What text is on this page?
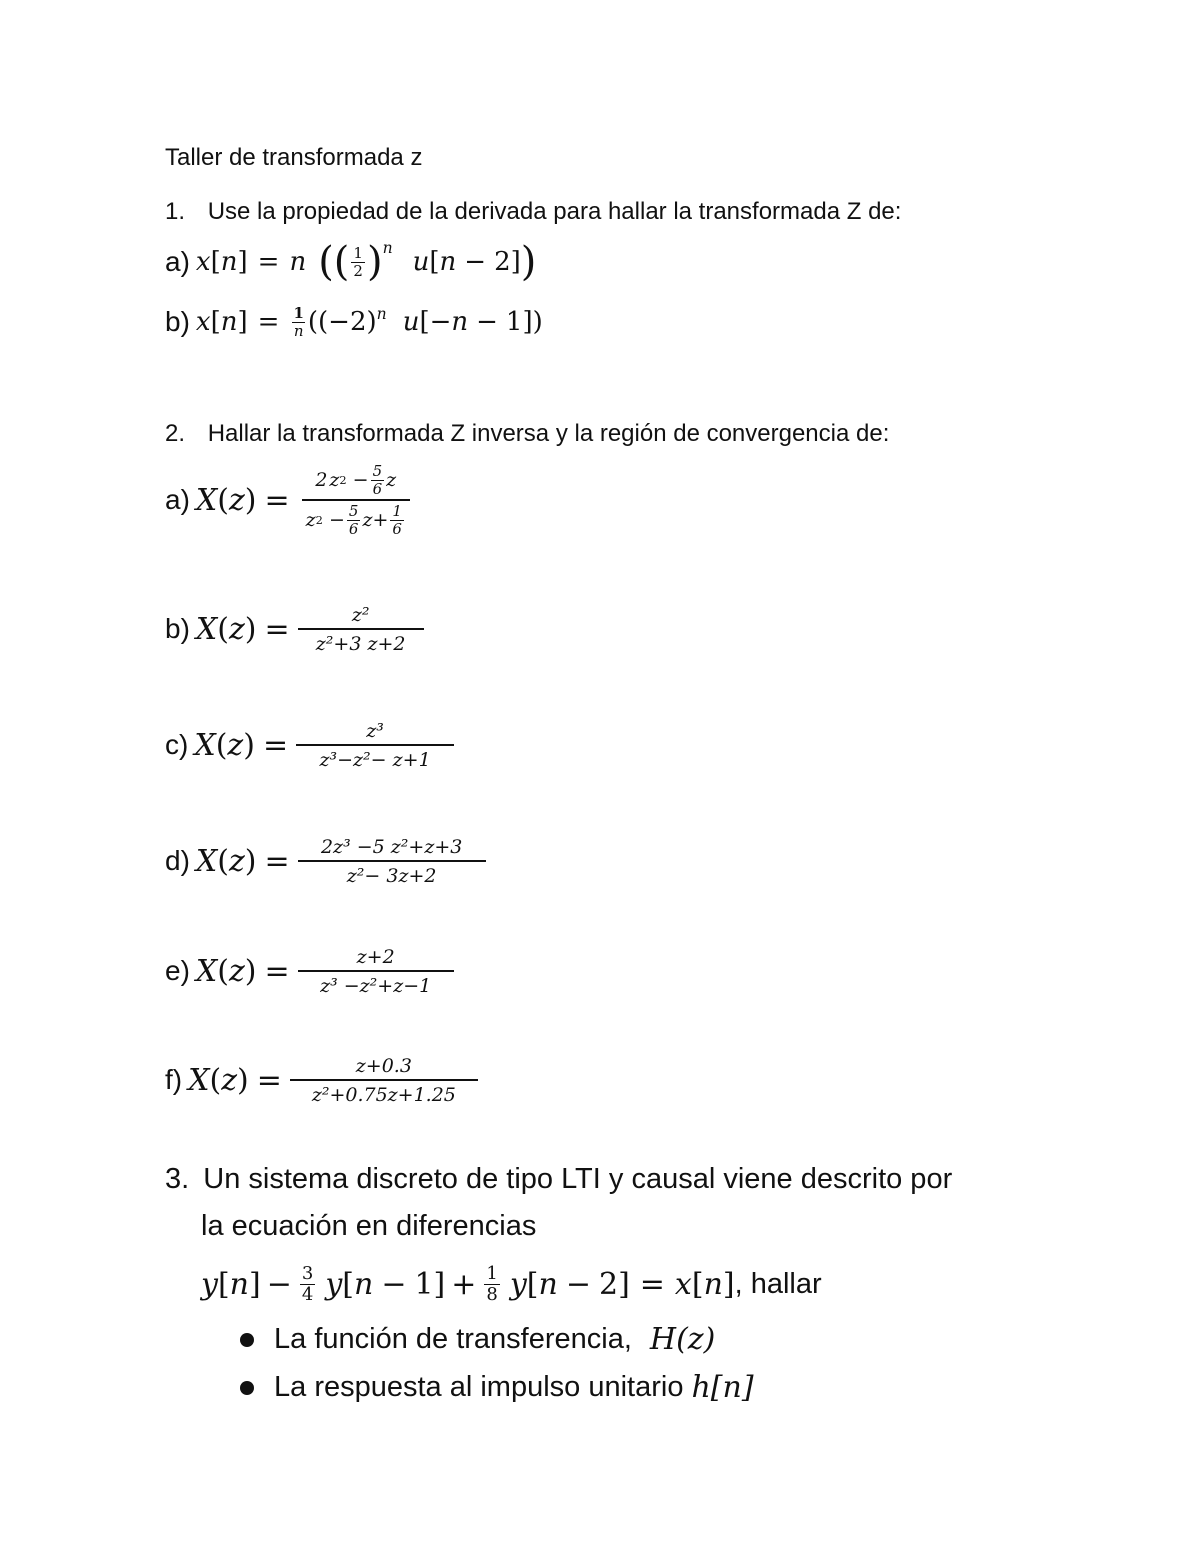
Taller de transformada z
1. Use la propiedad de la derivada para hallar la transformada Z de:
a) x [ n ] = n ( ( 1
2 )$^n$ u [ n − 2] )
b) x [ n ] = $\frac{1}{n} ((-2)^n$ u [− n − 1])
2. Hallar la transformada Z inversa y la región de convergencia de:
a) X ( z ) = 2  z 2 − 5
6 z
z 2 − 5
6 z + 1
6
b) X ( z ) = $\frac{\text{z²}}{\text{z²+3 z+2}}$
c) X ( z ) = $\frac{\text{z³}}{\text{z³−z²− z+1}}$
d) X ( z ) = $\frac{\text{2z³ −5 z²+z+3}}{\text{z²− 3z+2}}$
e) X ( z ) = $\frac{z+2}{\text{z³ −z²+z−1}}$
f) X ( z ) = $\frac{z+0.3}{\text{z²+0.75z+1.25}}$
3. Un sistema discreto de tipo LTI y causal viene descrito por
la ecuación en diferencias
y [ n ] − $\frac{3}{4}$ y [ $n - 1] + \frac{1}{8}$ y [ n − 2] = x [ n ] , hallar
La función de transferencia, H(z)
La respuesta al impulso unitario h[n]
